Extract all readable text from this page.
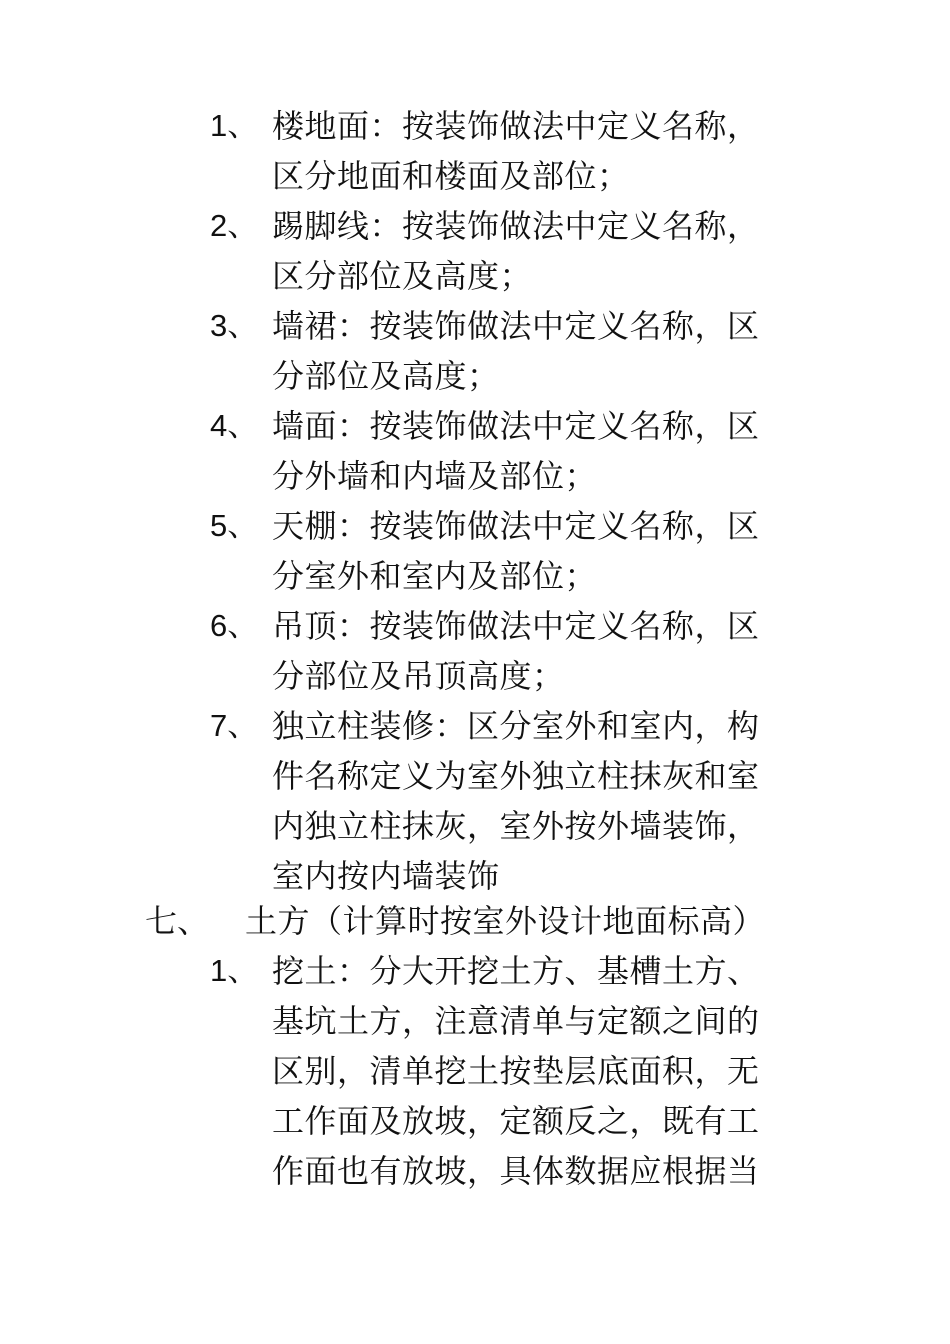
1、 楼地面：按装饰做法中定义名称，
区分地面和楼面及部位；
2、 踢脚线：按装饰做法中定义名称，
区分部位及高度；
3、 墙裙：按装饰做法中定义名称，区
分部位及高度；
4、 墙面：按装饰做法中定义名称，区
分外墙和内墙及部位；
5、 天棚：按装饰做法中定义名称，区
分室外和室内及部位；
6、 吊顶：按装饰做法中定义名称，区
分部位及吊顶高度；
7、 独立柱装修：区分室外和室内，构
件名称定义为室外独立柱抹灰和室
内独立柱抹灰，室外按外墙装饰，
室内按内墙装饰
七、 土方（计算时按室外设计地面标高）
1、 挖土：分大开挖土方、基槽土方、
基坑土方，注意清单与定额之间的
区别，清单挖土按垫层底面积，无
工作面及放坡，定额反之，既有工
作面也有放坡，具体数据应根据当
